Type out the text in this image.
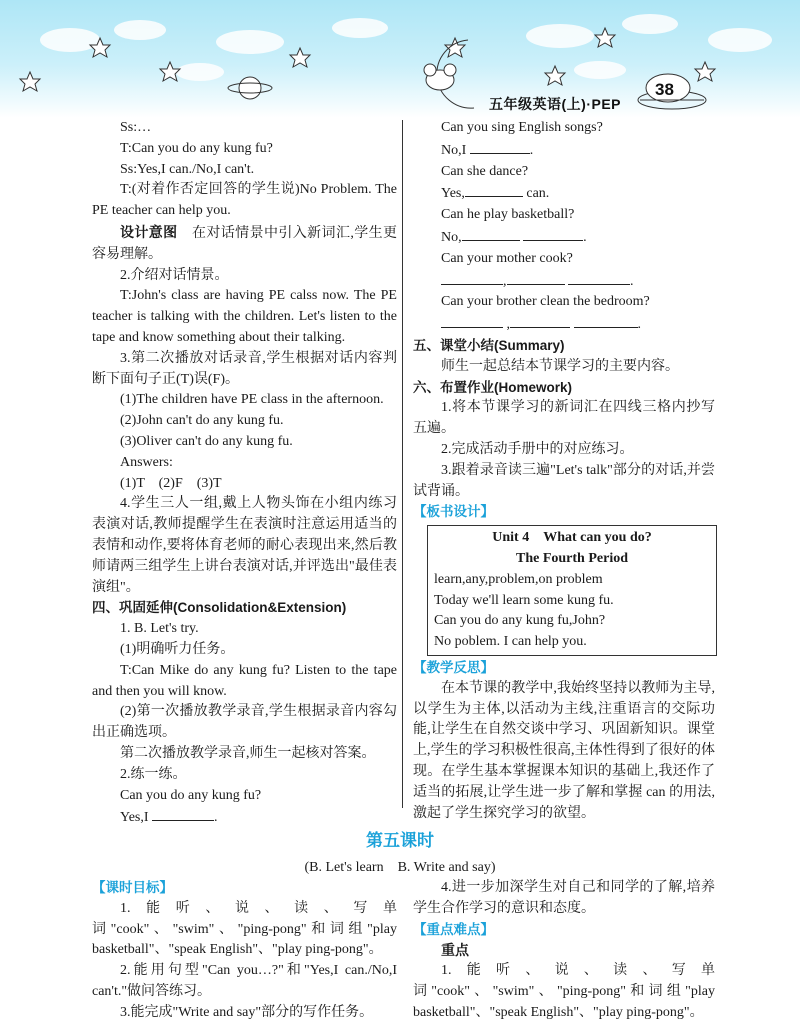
五年级英语(上)·PEP
38

Ss:…

T:Can you do any kung fu?

Ss:Yes,I can./No,I can't.

T:(对着作否定回答的学生说)No Problem. The PE teacher can help you.

设计意图　 在对话情景中引入新词汇,学生更容易理解。

2.介绍对话情景。

T:John's class are having PE calss now. The PE teacher is talking with the children. Let's listen to the tape and know something about their talking.

3.第二次播放对话录音,学生根据对话内容判断下面句子正(T)误(F)。

(1)The children have PE class in the afternoon.

(2)John can't do any kung fu.

(3)Oliver can't do any kung fu.

Answers:

(1)T　(2)F　(3)T

4.学生三人一组,戴上人物头饰在小组内练习表演对话,教师提醒学生在表演时注意运用适当的表情和动作,要将体育老师的耐心表现出来,然后教师请两三组学生上讲台表演对话,并评选出"最佳表演组"。

四、巩固延伸(Consolidation&Extension)

1. B. Let's try.

(1)明确听力任务。

T:Can Mike do any kung fu? Listen to the tape and then you will know.

(2)第一次播放教学录音,学生根据录音内容勾出正确选项。

第二次播放教学录音,师生一起核对答案。

2.练一练。

Can you do any kung fu?

Yes,I	.

Can you sing English songs?

No,I	.

Can she dance?

Yes,	can.

Can he play basketball?

No,	.

Can your mother cook?

,	.

Can your brother clean the bedroom?

,	.

五、课堂小结(Summary)

师生一起总结本节课学习的主要内容。

六、布置作业(Homework)

1.将本节课学习的新词汇在四线三格内抄写五遍。

2.完成活动手册中的对应练习。

3.跟着录音读三遍"Let's talk"部分的对话,并尝试背诵。

【板书设计】

Unit 4　What can you do?
The Fourth Period
learn,any,problem,on problem
Today we'll learn some kung fu.
Can you do any kung fu,John?
No poblem. I can help you.

【教学反思】

在本节课的教学中,我始终坚持以教师为主导,以学生为主体,以活动为主线,注重语言的交际功能,让学生在自然交谈中学习、巩固新知识。课堂上,学生的学习积极性很高,主体性得到了很好的体现。在学生基本掌握课本知识的基础上,我还作了适当的拓展,让学生进一步了解和掌握 can 的用法,激起了学生探究学习的欲望。

第五课时
(B. Let's learn　B. Write and say)

【课时目标】

1.能听、说、读、写单词"cook"、"swim"、"ping-pong"和词组"play basketball"、"speak English"、"play ping-pong"。

2.能用句型"Can you…?"和"Yes,I can./No,I can't."做问答练习。

3.能完成"Write and say"部分的写作任务。

4.进一步加深学生对自己和同学的了解,培养学生合作学习的意识和态度。

【重点难点】

重点

1.能听、说、读、写单词"cook"、"swim"、"ping-pong"和词组"play basketball"、"speak English"、"play ping-pong"。
